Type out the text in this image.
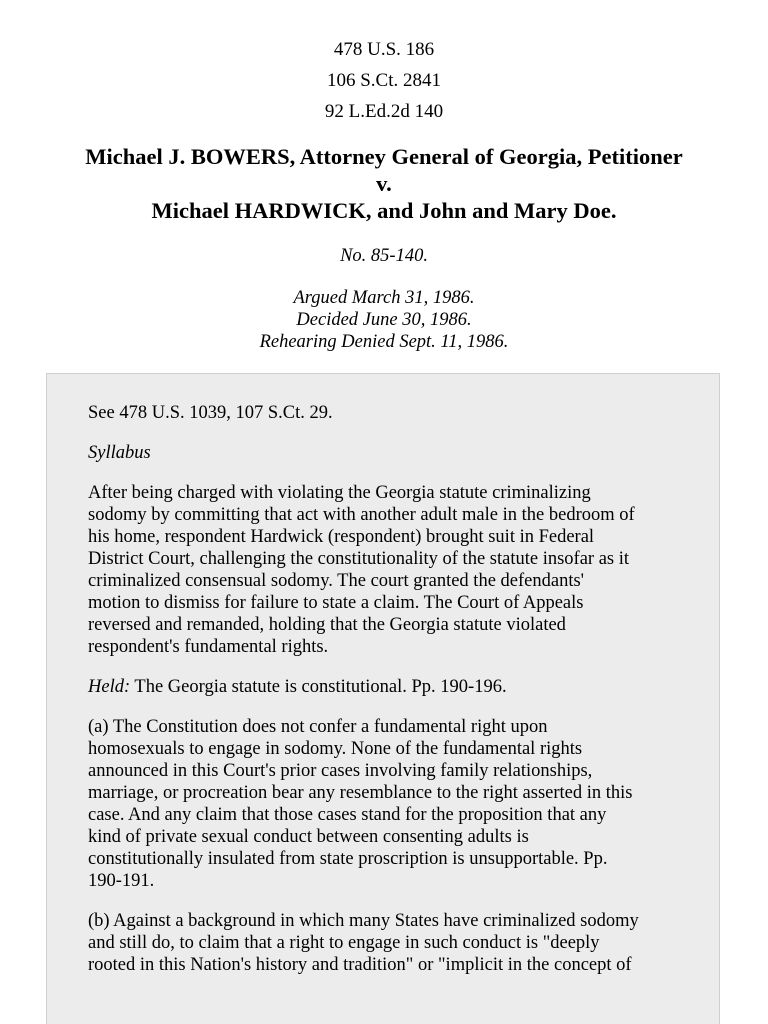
478 U.S. 186
106 S.Ct. 2841
92 L.Ed.2d 140
Michael J. BOWERS, Attorney General of Georgia, Petitioner
v.
Michael HARDWICK, and John and Mary Doe.
No. 85-140.
Argued March 31, 1986.
Decided June 30, 1986.
Rehearing Denied Sept. 11, 1986.

See 478 U.S. 1039, 107 S.Ct. 29.

Syllabus

After being charged with violating the Georgia statute criminalizing
sodomy by committing that act with another adult male in the bedroom of
his home, respondent Hardwick (respondent) brought suit in Federal
District Court, challenging the constitutionality of the statute insofar as it
criminalized consensual sodomy. The court granted the defendants'
motion to dismiss for failure to state a claim. The Court of Appeals
reversed and remanded, holding that the Georgia statute violated
respondent's fundamental rights.

Held: The Georgia statute is constitutional. Pp. 190-196.

(a) The Constitution does not confer a fundamental right upon
homosexuals to engage in sodomy. None of the fundamental rights
announced in this Court's prior cases involving family relationships,
marriage, or procreation bear any resemblance to the right asserted in this
case. And any claim that those cases stand for the proposition that any
kind of private sexual conduct between consenting adults is
constitutionally insulated from state proscription is unsupportable. Pp.
190-191.

(b) Against a background in which many States have criminalized sodomy
and still do, to claim that a right to engage in such conduct is "deeply
rooted in this Nation's history and tradition" or "implicit in the concept of
